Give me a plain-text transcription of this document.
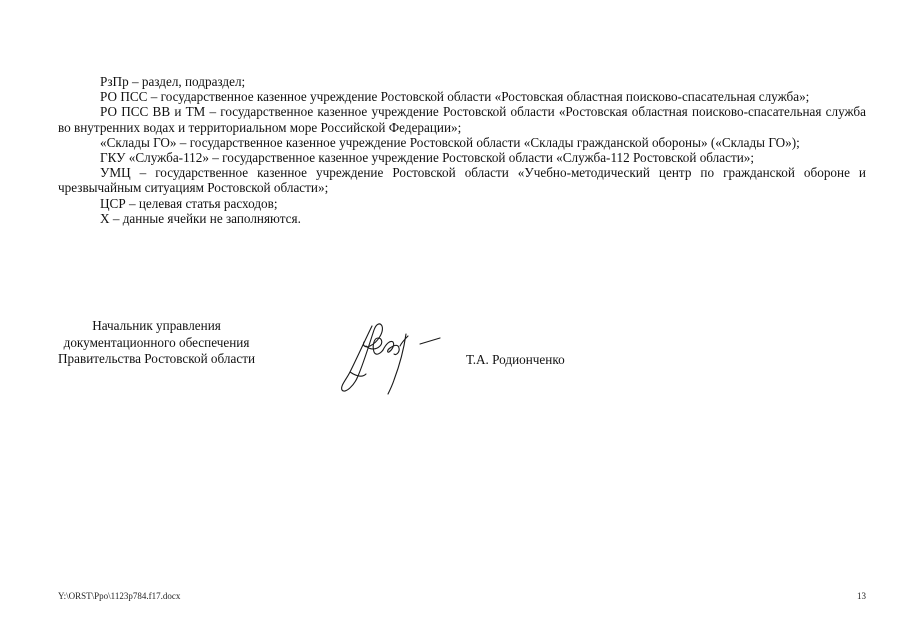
РзПр – раздел, подраздел;

РО ПСС – государственное казенное учреждение Ростовской области «Ростовская областная поисково-спасательная служба»;

РО ПСС ВВ и ТМ – государственное казенное учреждение Ростовской области «Ростовская областная поисково-спасательная служба во внутренних водах и территориальном море Российской Федерации»;

«Склады ГО» – государственное казенное учреждение Ростовской области «Склады гражданской обороны» («Склады ГО»);

ГКУ «Служба-112» – государственное казенное учреждение Ростовской области «Служба-112 Ростовской области»;

УМЦ – государственное казенное учреждение Ростовской области «Учебно-методический центр по гражданской обороне и чрезвычайным ситуациям Ростовской области»;

ЦСР – целевая статья расходов;

Х – данные ячейки не заполняются.

Начальник управления
документационного обеспечения
Правительства Ростовской области	Т.А. Родионченко
Y:\ORST\Ppo\1123p784.f17.docx	13
